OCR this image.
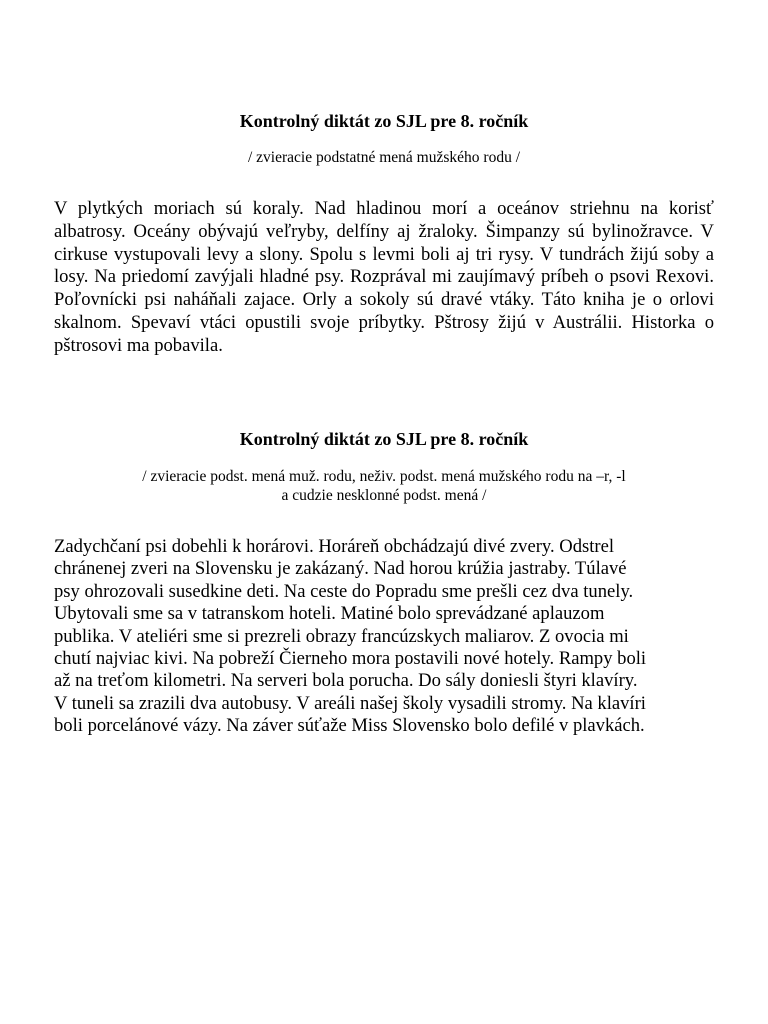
Kontrolný diktát zo SJL pre 8. ročník

/ zvieracie podstatné mená mužského rodu /

V plytkých moriach sú koraly. Nad hladinou morí a oceánov striehnu na korisť albatrosy. Oceány obývajú veľryby, delfíny aj žraloky. Šimpanzy sú bylinožravce. V cirkuse vystupovali levy a slony. Spolu s levmi boli aj tri rysy. V tundrách žijú soby a losy. Na priedomí zavýjali hladné psy. Rozprával mi zaujímavý príbeh o psovi Rexovi. Poľovnícki psi naháňali zajace. Orly a sokoly sú dravé vtáky. Táto kniha je o orlovi skalnom. Spevaví vtáci opustili svoje príbytky. Pštrosy žijú v Austrálii. Historka o pštrosovi ma pobavila.

Kontrolný diktát zo SJL pre 8. ročník

/ zvieracie podst. mená muž. rodu, neživ. podst. mená mužského rodu na –r, -l

a cudzie nesklonné podst. mená /

Zadychčaní psi dobehli k horárovi. Horáreň obchádzajú divé zvery. Odstrel
chránenej zveri na Slovensku je zakázaný. Nad horou krúžia jastraby. Túlavé
psy ohrozovali susedkine deti. Na ceste do Popradu sme prešli cez dva tunely.
Ubytovali sme sa v tatranskom hoteli. Matiné bolo sprevádzané aplauzom
publika. V ateliéri sme si prezreli obrazy francúzskych maliarov. Z ovocia mi
chutí najviac kivi. Na pobreží Čierneho mora postavili nové hotely. Rampy boli
až na treťom kilometri. Na serveri bola porucha. Do sály doniesli štyri klavíry.
V tuneli sa zrazili dva autobusy. V areáli našej školy vysadili stromy. Na klavíri
boli porcelánové vázy. Na záver súťaže Miss Slovensko bolo defilé v plavkách.
